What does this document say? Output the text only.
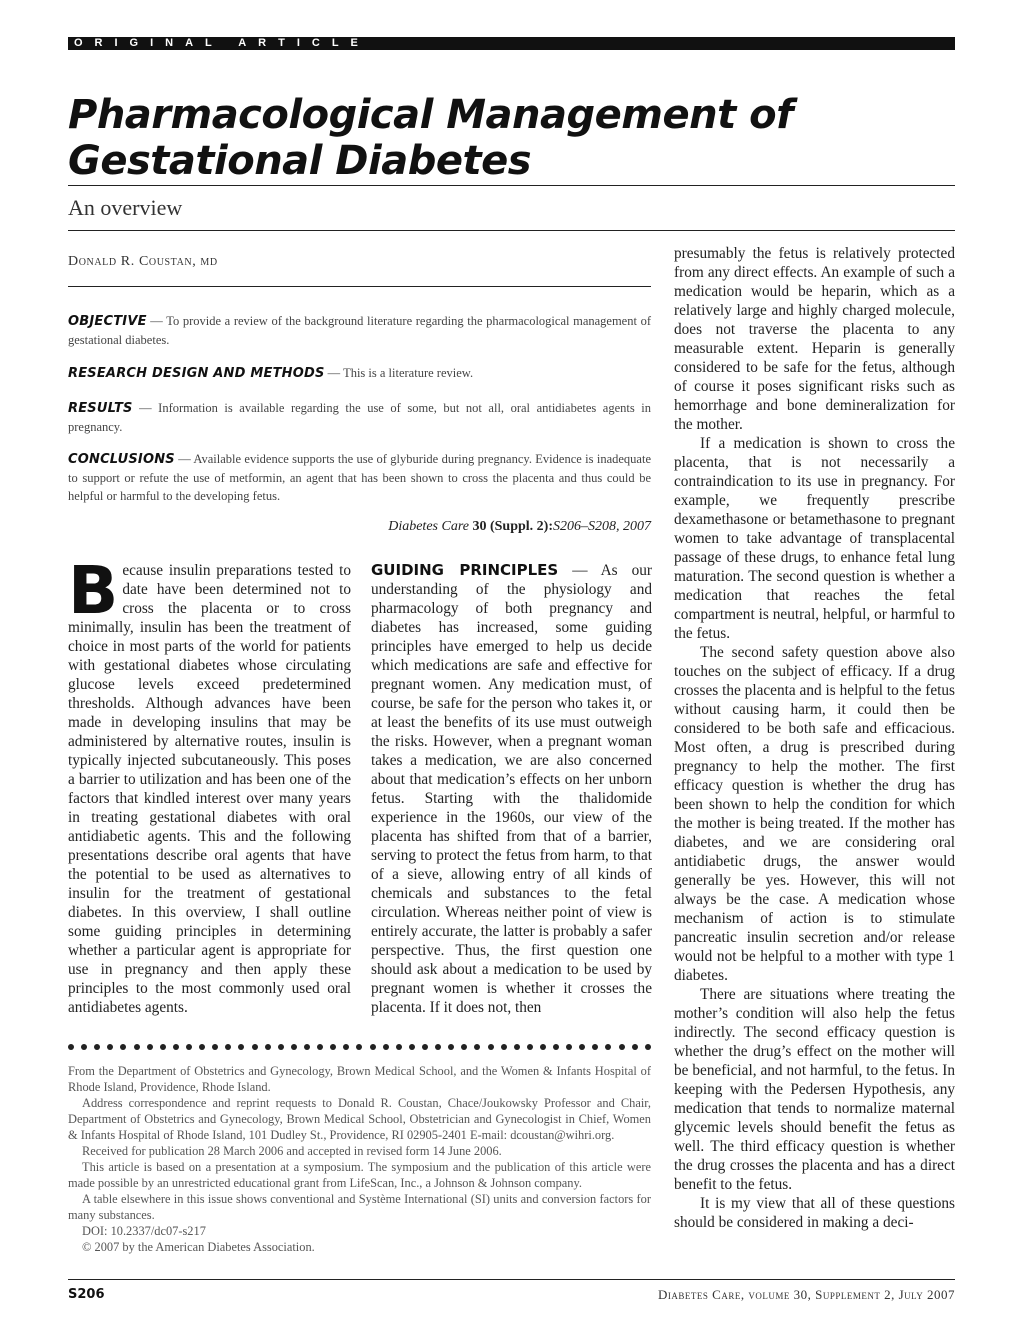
ORIGINAL ARTICLE
Pharmacological Management of Gestational Diabetes
An overview
Donald R. Coustan, md
OBJECTIVE — To provide a review of the background literature regarding the pharmacological management of gestational diabetes.
RESEARCH DESIGN AND METHODS — This is a literature review.
RESULTS — Information is available regarding the use of some, but not all, oral antidiabetes agents in pregnancy.
CONCLUSIONS — Available evidence supports the use of glyburide during pregnancy. Evidence is inadequate to support or refute the use of metformin, an agent that has been shown to cross the placenta and thus could be helpful or harmful to the developing fetus.
Diabetes Care 30 (Suppl. 2):S206–S208, 2007
Because insulin preparations tested to date have been determined not to cross the placenta or to cross minimally, insulin has been the treatment of choice in most parts of the world for patients with gestational diabetes whose circulating glucose levels exceed predetermined thresholds. Although advances have been made in developing insulins that may be administered by alternative routes, insulin is typically injected subcutaneously. This poses a barrier to utilization and has been one of the factors that kindled interest over many years in treating gestational diabetes with oral antidiabetic agents. This and the following presentations describe oral agents that have the potential to be used as alternatives to insulin for the treatment of gestational diabetes. In this overview, I shall outline some guiding principles in determining whether a particular agent is appropriate for use in pregnancy and then apply these principles to the most commonly used oral antidiabetes agents.
GUIDING PRINCIPLES — As our understanding of the physiology and pharmacology of both pregnancy and diabetes has increased, some guiding principles have emerged to help us decide which medications are safe and effective for pregnant women. Any medication must, of course, be safe for the person who takes it, or at least the benefits of its use must outweigh the risks. However, when a pregnant woman takes a medication, we are also concerned about that medication’s effects on her unborn fetus. Starting with the thalidomide experience in the 1960s, our view of the placenta has shifted from that of a barrier, serving to protect the fetus from harm, to that of a sieve, allowing entry of all kinds of chemicals and substances to the fetal circulation. Whereas neither point of view is entirely accurate, the latter is probably a safer perspective. Thus, the first question one should ask about a medication to be used by pregnant women is whether it crosses the placenta. If it does not, then

presumably the fetus is relatively protected from any direct effects. An example of such a medication would be heparin, which as a relatively large and highly charged molecule, does not traverse the placenta to any measurable extent. Heparin is generally considered to be safe for the fetus, although of course it poses significant risks such as hemorrhage and bone demineralization for the mother.

If a medication is shown to cross the placenta, that is not necessarily a contraindication to its use in pregnancy. For example, we frequently prescribe dexamethasone or betamethasone to pregnant women to take advantage of transplacental passage of these drugs, to enhance fetal lung maturation. The second question is whether a medication that reaches the fetal compartment is neutral, helpful, or harmful to the fetus.

The second safety question above also touches on the subject of efficacy. If a drug crosses the placenta and is helpful to the fetus without causing harm, it could then be considered to be both safe and efficacious. Most often, a drug is prescribed during pregnancy to help the mother. The first efficacy question is whether the drug has been shown to help the condition for which the mother is being treated. If the mother has diabetes, and we are considering oral antidiabetic drugs, the answer would generally be yes. However, this will not always be the case. A medication whose mechanism of action is to stimulate pancreatic insulin secretion and/or release would not be helpful to a mother with type 1 diabetes.

There are situations where treating the mother’s condition will also help the fetus indirectly. The second efficacy question is whether the drug’s effect on the mother will be beneficial, and not harmful, to the fetus. In keeping with the Pedersen Hypothesis, any medication that tends to normalize maternal glycemic levels should benefit the fetus as well. The third efficacy question is whether the drug crosses the placenta and has a direct benefit to the fetus.

It is my view that all of these questions should be considered in making a deci-

From the Department of Obstetrics and Gynecology, Brown Medical School, and the Women & Infants Hospital of Rhode Island, Providence, Rhode Island.

Address correspondence and reprint requests to Donald R. Coustan, Chace/Joukowsky Professor and Chair, Department of Obstetrics and Gynecology, Brown Medical School, Obstetrician and Gynecologist in Chief, Women & Infants Hospital of Rhode Island, 101 Dudley St., Providence, RI 02905-2401 E-mail: dcoustan@wihri.org.

Received for publication 28 March 2006 and accepted in revised form 14 June 2006.

This article is based on a presentation at a symposium. The symposium and the publication of this article were made possible by an unrestricted educational grant from LifeScan, Inc., a Johnson & Johnson company.

A table elsewhere in this issue shows conventional and Système International (SI) units and conversion factors for many substances.

DOI: 10.2337/dc07-s217

© 2007 by the American Diabetes Association.

S206	Diabetes Care, volume 30, Supplement 2, July 2007
